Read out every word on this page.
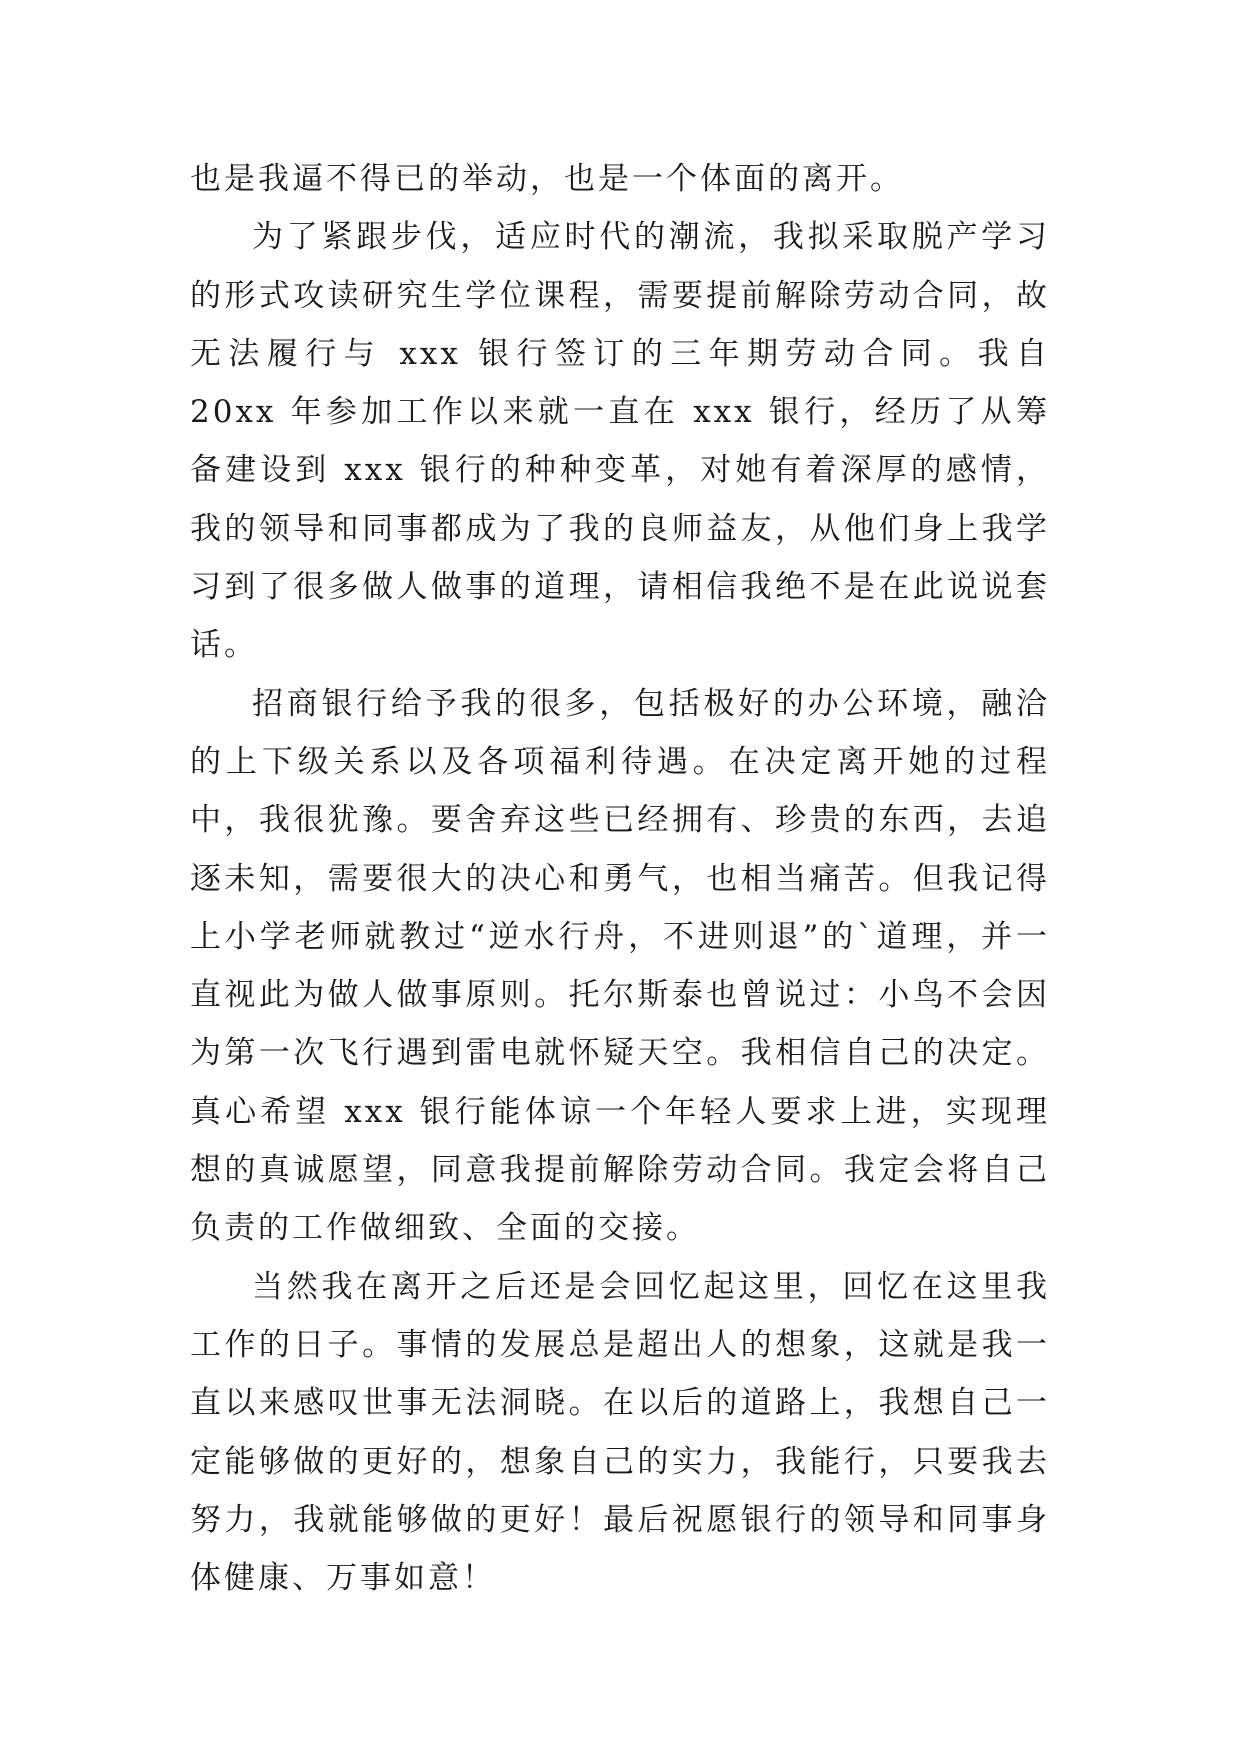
也是我逼不得已的举动，也是一个体面的离开。

为了紧跟步伐，适应时代的潮流，我拟采取脱产学习的形式攻读研究生学位课程，需要提前解除劳动合同，故无法履行与 xxx 银行签订的三年期劳动合同。我自 20xx 年参加工作以来就一直在 xxx 银行，经历了从筹备建设到 xxx 银行的种种变革，对她有着深厚的感情，我的领导和同事都成为了我的良师益友，从他们身上我学习到了很多做人做事的道理，请相信我绝不是在此说说套话。

招商银行给予我的很多，包括极好的办公环境，融洽的上下级关系以及各项福利待遇。在决定离开她的过程中，我很犹豫。要舍弃这些已经拥有、珍贵的东西，去追逐未知，需要很大的决心和勇气，也相当痛苦。但我记得上小学老师就教过“逆水行舟，不进则退”的`道理，并一直视此为做人做事原则。托尔斯泰也曾说过：小鸟不会因为第一次飞行遇到雷电就怀疑天空。我相信自己的决定。真心希望 xxx 银行能体谅一个年轻人要求上进，实现理想的真诚愿望，同意我提前解除劳动合同。我定会将自己负责的工作做细致、全面的交接。

当然我在离开之后还是会回忆起这里，回忆在这里我工作的日子。事情的发展总是超出人的想象，这就是我一直以来感叹世事无法洞晓。在以后的道路上，我想自己一定能够做的更好的，想象自己的实力，我能行，只要我去努力，我就能够做的更好！最后祝愿银行的领导和同事身体健康、万事如意！
